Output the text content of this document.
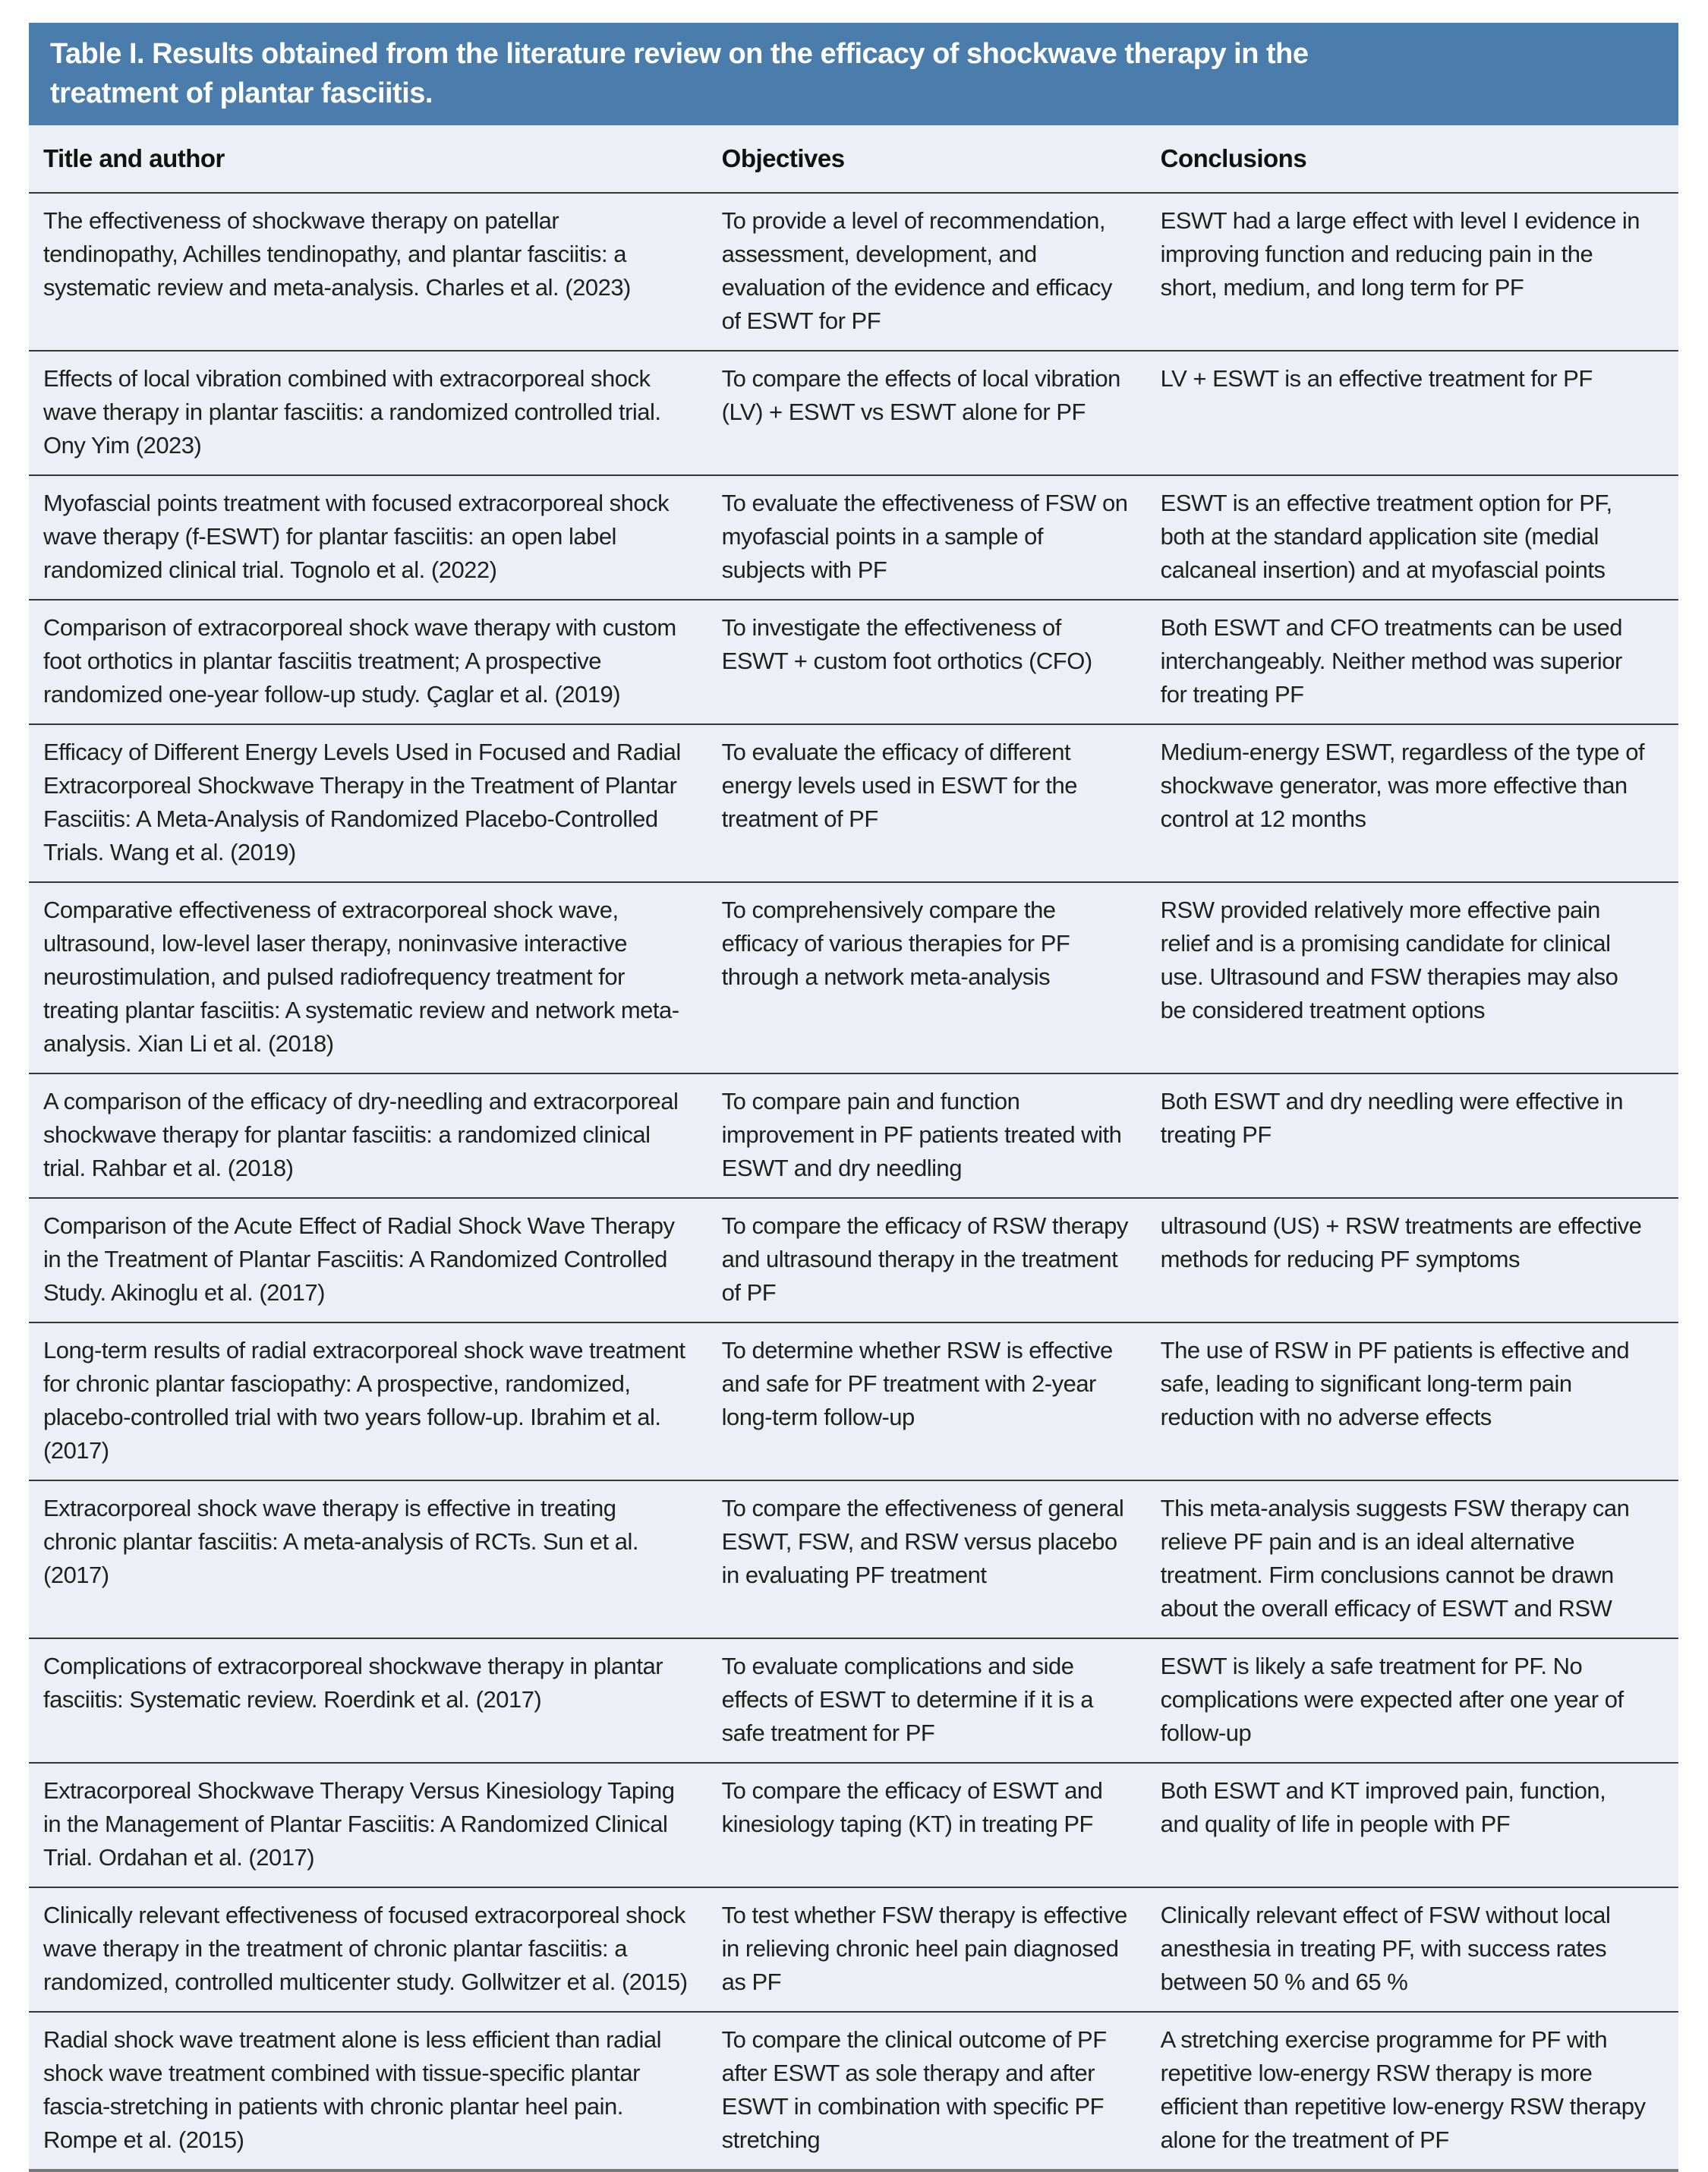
Table I. Results obtained from the literature review on the efficacy of shockwave therapy in the treatment of plantar fasciitis.
Title and author	Objectives	Conclusions
The effectiveness of shockwave therapy on patellar tendinopathy, Achilles tendinopathy, and plantar fasciitis: a systematic review and meta-analysis. Charles et al. (2023)
To provide a level of recommendation, assessment, development, and evaluation of the evidence and efficacy of ESWT for PF
ESWT had a large effect with level I evidence in improving function and reducing pain in the short, medium, and long term for PF
Effects of local vibration combined with extracorporeal shock wave therapy in plantar fasciitis: a randomized controlled trial. Ony Yim (2023)
To compare the effects of local vibration (LV) + ESWT vs ESWT alone for PF
LV + ESWT is an effective treatment for PF
Myofascial points treatment with focused extracorporeal shock wave therapy (f-ESWT) for plantar fasciitis: an open label randomized clinical trial. Tognolo et al. (2022)
To evaluate the effectiveness of FSW on myofascial points in a sample of subjects with PF
ESWT is an effective treatment option for PF, both at the standard application site (medial calcaneal insertion) and at myofascial points
Comparison of extracorporeal shock wave therapy with custom foot orthotics in plantar fasciitis treatment; A prospective randomized one-year follow-up study. Çaglar et al. (2019)
To investigate the effectiveness of ESWT + custom foot orthotics (CFO)
Both ESWT and CFO treatments can be used interchangeably. Neither method was superior for treating PF
Efficacy of Different Energy Levels Used in Focused and Radial Extracorporeal Shockwave Therapy in the Treatment of Plantar Fasciitis: A Meta-Analysis of Randomized Placebo-Controlled Trials. Wang et al. (2019)
To evaluate the efficacy of different energy levels used in ESWT for the treatment of PF
Medium-energy ESWT, regardless of the type of shockwave generator, was more effective than control at 12 months
Comparative effectiveness of extracorporeal shock wave, ultrasound, low-level laser therapy, noninvasive interactive neurostimulation, and pulsed radiofrequency treatment for treating plantar fasciitis: A systematic review and network meta-analysis. Xian Li et al. (2018)
To comprehensively compare the efficacy of various therapies for PF through a network meta-analysis
RSW provided relatively more effective pain relief and is a promising candidate for clinical use. Ultrasound and FSW therapies may also be considered treatment options
A comparison of the efficacy of dry-needling and extracorporeal shockwave therapy for plantar fasciitis: a randomized clinical trial. Rahbar et al. (2018)
To compare pain and function improvement in PF patients treated with ESWT and dry needling
Both ESWT and dry needling were effective in treating PF
Comparison of the Acute Effect of Radial Shock Wave Therapy in the Treatment of Plantar Fasciitis: A Randomized Controlled Study. Akinoglu et al. (2017)
To compare the efficacy of RSW therapy and ultrasound therapy in the treatment of PF
ultrasound (US) + RSW treatments are effective methods for reducing PF symptoms
Long-term results of radial extracorporeal shock wave treatment for chronic plantar fasciopathy: A prospective, randomized, placebo-controlled trial with two years follow-up. Ibrahim et al. (2017)
To determine whether RSW is effective and safe for PF treatment with 2-year long-term follow-up
The use of RSW in PF patients is effective and safe, leading to significant long-term pain reduction with no adverse effects
Extracorporeal shock wave therapy is effective in treating chronic plantar fasciitis: A meta-analysis of RCTs. Sun et al. (2017)
To compare the effectiveness of general ESWT, FSW, and RSW versus placebo in evaluating PF treatment
This meta-analysis suggests FSW therapy can relieve PF pain and is an ideal alternative treatment. Firm conclusions cannot be drawn about the overall efficacy of ESWT and RSW
Complications of extracorporeal shockwave therapy in plantar fasciitis: Systematic review. Roerdink et al. (2017)
To evaluate complications and side effects of ESWT to determine if it is a safe treatment for PF
ESWT is likely a safe treatment for PF. No complications were expected after one year of follow-up
Extracorporeal Shockwave Therapy Versus Kinesiology Taping in the Management of Plantar Fasciitis: A Randomized Clinical Trial. Ordahan et al. (2017)
To compare the efficacy of ESWT and kinesiology taping (KT) in treating PF
Both ESWT and KT improved pain, function, and quality of life in people with PF
Clinically relevant effectiveness of focused extracorporeal shock wave therapy in the treatment of chronic plantar fasciitis: a randomized, controlled multicenter study. Gollwitzer et al. (2015)
To test whether FSW therapy is effective in relieving chronic heel pain diagnosed as PF
Clinically relevant effect of FSW without local anesthesia in treating PF, with success rates between 50 % and 65 %
Radial shock wave treatment alone is less efficient than radial shock wave treatment combined with tissue-specific plantar fascia-stretching in patients with chronic plantar heel pain. Rompe et al. (2015)
To compare the clinical outcome of PF after ESWT as sole therapy and after ESWT in combination with specific PF stretching
A stretching exercise programme for PF with repetitive low-energy RSW therapy is more efficient than repetitive low-energy RSW therapy alone for the treatment of PF
